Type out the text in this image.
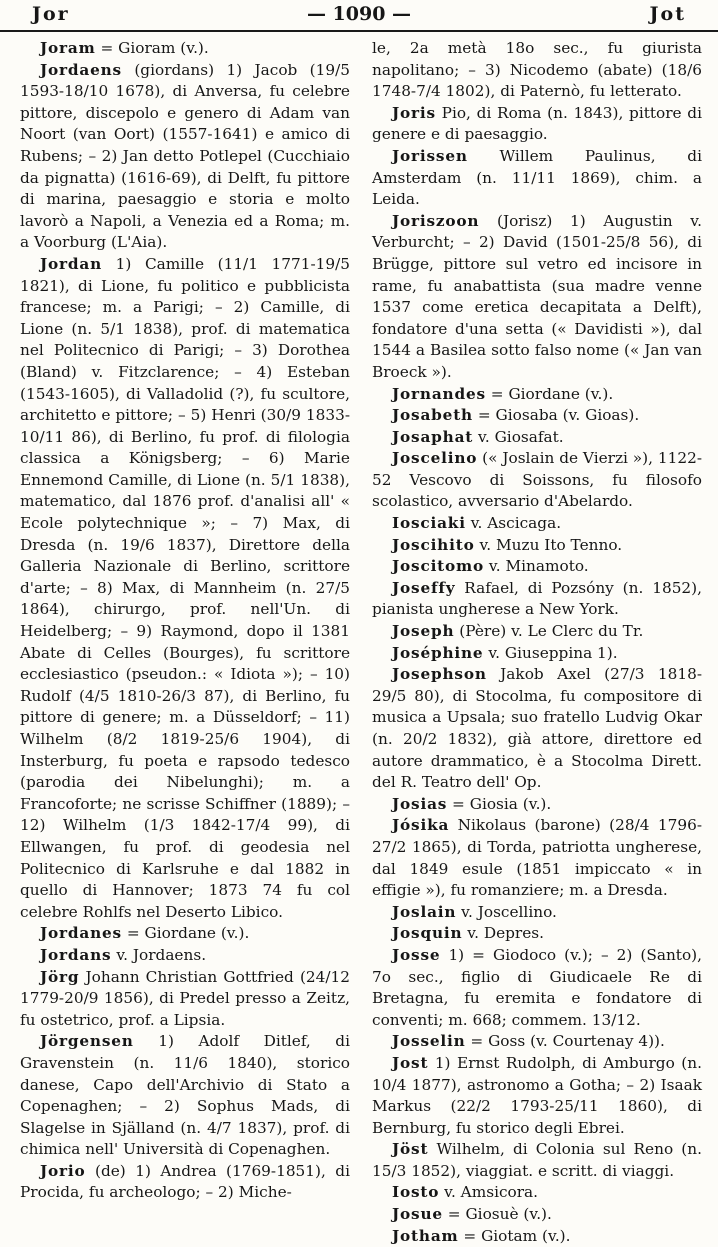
Jor	— 1090 —	Jot

Joram = Gioram (v.).

Jordaens (giordans) 1) Jacob (19/5 1593-18/10 1678), di Anversa, fu celebre pittore, discepolo e genero di Adam van Noort (van Oort) (1557-1641) e amico di Rubens; – 2) Jan detto Potlepel (Cucchiaio da pignatta) (1616-69), di Delft, fu pittore di marina, paesaggio e storia e molto lavorò a Napoli, a Venezia ed a Roma; m. a Voorburg (L'Aia).

Jordan 1) Camille (11/1 1771-19/5 1821), di Lione, fu politico e pubblicista francese; m. a Parigi; – 2) Camille, di Lione (n. 5/1 1838), prof. di matematica nel Politecnico di Parigi; – 3) Dorothea (Bland) v. Fitzclarence; – 4) Esteban (1543-1605), di Valladolid (?), fu scultore, architetto e pittore; – 5) Henri (30/9 1833-10/11 86), di Berlino, fu prof. di filologia classica a Königsberg; – 6) Marie Ennemond Camille, di Lione (n. 5/1 1838), matematico, dal 1876 prof. d'analisi all' « Ecole polytechnique »; – 7) Max, di Dresda (n. 19/6 1837), Direttore della Galleria Nazionale di Berlino, scrittore d'arte; – 8) Max, di Mannheim (n. 27/5 1864), chirurgo, prof. nell'Un. di Heidelberg; – 9) Raymond, dopo il 1381 Abate di Celles (Bourges), fu scrittore ecclesiastico (pseudon.: « Idiota »); – 10) Rudolf (4/5 1810-26/3 87), di Berlino, fu pittore di genere; m. a Düsseldorf; – 11) Wilhelm (8/2 1819-25/6 1904), di Insterburg, fu poeta e rapsodo tedesco (parodia dei Nibelunghi); m. a Francoforte; ne scrisse Schiffner (1889); – 12) Wilhelm (1/3 1842-17/4 99), di Ellwangen, fu prof. di geodesia nel Politecnico di Karlsruhe e dal 1882 in quello di Hannover; 1873 74 fu col celebre Rohlfs nel Deserto Libico.

Jordanes = Giordane (v.).

Jordans v. Jordaens.

Jörg Johann Christian Gottfried (24/12 1779-20/9 1856), di Predel presso a Zeitz, fu ostetrico, prof. a Lipsia.

Jörgensen 1) Adolf Ditlef, di Gravenstein (n. 11/6 1840), storico danese, Capo dell'Archivio di Stato a Copenaghen; – 2) Sophus Mads, di Slagelse in Själland (n. 4/7 1837), prof. di chimica nell' Università di Copenaghen.

Jorio (de) 1) Andrea (1769-1851), di Procida, fu archeologo; – 2) Miche-

le, 2a metà 18o sec., fu giurista napolitano; – 3) Nicodemo (abate) (18/6 1748-7/4 1802), di Paternò, fu letterato.

Joris Pio, di Roma (n. 1843), pittore di genere e di paesaggio.

Jorissen Willem Paulinus, di Amsterdam (n. 11/11 1869), chim. a Leida.

Joriszoon (Jorisz) 1) Augustin v. Verburcht; – 2) David (1501-25/8 56), di Brügge, pittore sul vetro ed incisore in rame, fu anabattista (sua madre venne 1537 come eretica decapitata a Delft), fondatore d'una setta (« Davidisti »), dal 1544 a Basilea sotto falso nome (« Jan van Broeck »).

Jornandes = Giordane (v.).

Josabeth = Giosaba (v. Gioas).

Josaphat v. Giosafat.

Joscelino (« Joslain de Vierzi »), 1122-52 Vescovo di Soissons, fu filosofo scolastico, avversario d'Abelardo.

Iosciaki v. Ascicaga.

Joscihito v. Muzu Ito Tenno.

Joscitomo v. Minamoto.

Joseffy Rafael, di Pozsóny (n. 1852), pianista ungherese a New York.

Joseph (Père) v. Le Clerc du Tr.

Joséphine v. Giuseppina 1).

Josephson Jakob Axel (27/3 1818-29/5 80), di Stocolma, fu compositore di musica a Upsala; suo fratello Ludvig Okar (n. 20/2 1832), già attore, direttore ed autore drammatico, è a Stocolma Dirett. del R. Teatro dell' Op.

Josias = Giosia (v.).

Jósika Nikolaus (barone) (28/4 1796-27/2 1865), di Torda, patriotta ungherese, dal 1849 esule (1851 impiccato « in effigie »), fu romanziere; m. a Dresda.

Joslain v. Joscellino.

Josquin v. Depres.

Josse 1) = Giodoco (v.); – 2) (Santo), 7o sec., figlio di Giudicaele Re di Bretagna, fu eremita e fondatore di conventi; m. 668; commem. 13/12.

Josselin = Goss (v. Courtenay 4)).

Jost 1) Ernst Rudolph, di Amburgo (n. 10/4 1877), astronomo a Gotha; – 2) Isaak Markus (22/2 1793-25/11 1860), di Bernburg, fu storico degli Ebrei.

Jöst Wilhelm, di Colonia sul Reno (n. 15/3 1852), viaggiat. e scritt. di viaggi.

Iosto v. Amsicora.

Josue = Giosuè (v.).

Jotham = Giotam (v.).
